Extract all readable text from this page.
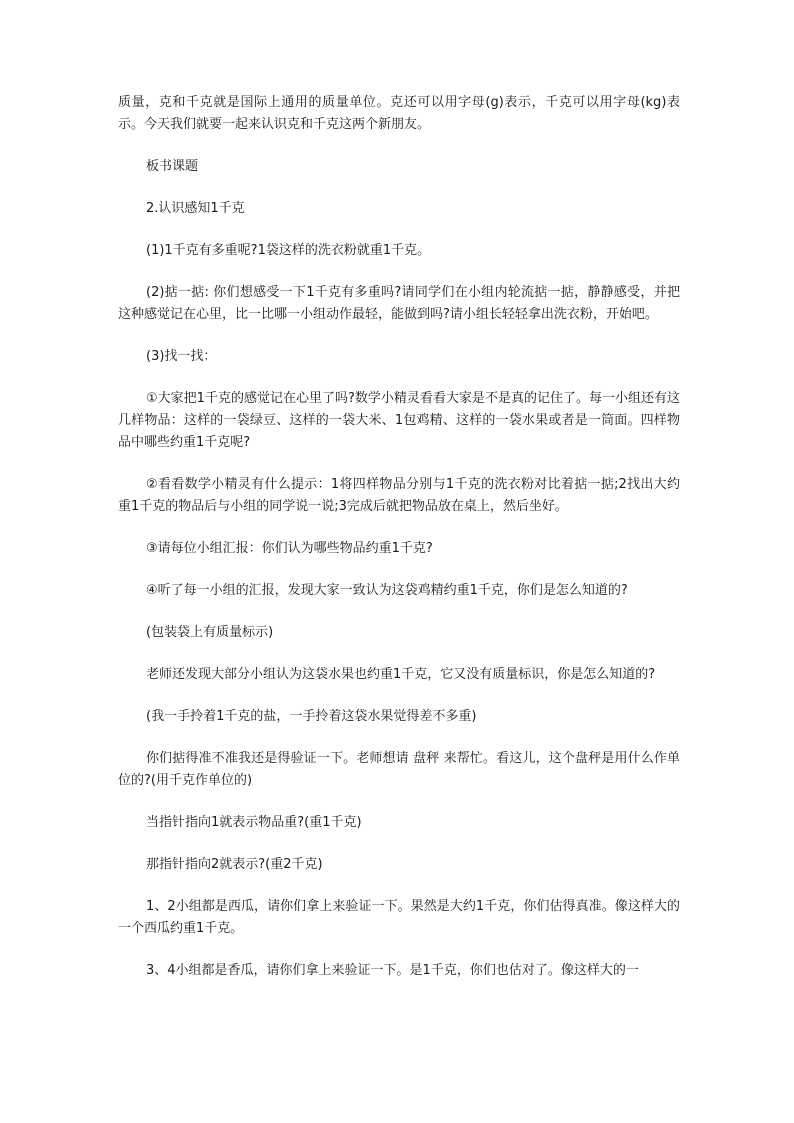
质量，克和千克就是国际上通用的质量单位。克还可以用字母(g)表示，千克可以用字母(kg)表示。今天我们就要一起来认识克和千克这两个新朋友。

板书课题

2.认识感知1千克

(1)1千克有多重呢?1袋这样的洗衣粉就重1千克。

(2)掂一掂: 你们想感受一下1千克有多重吗?请同学们在小组内轮流掂一掂，静静感受，并把这种感觉记在心里，比一比哪一小组动作最轻，能做到吗?请小组长轻轻拿出洗衣粉，开始吧。

(3)找一找：

①大家把1千克的感觉记在心里了吗?数学小精灵看看大家是不是真的记住了。每一小组还有这几样物品：这样的一袋绿豆、这样的一袋大米、1包鸡精、这样的一袋水果或者是一筒面。四样物品中哪些约重1千克呢?

②看看数学小精灵有什么提示：1将四样物品分别与1千克的洗衣粉对比着掂一掂;2找出大约重1千克的物品后与小组的同学说一说;3完成后就把物品放在桌上，然后坐好。

③请每位小组汇报：你们认为哪些物品约重1千克?

④听了每一小组的汇报，发现大家一致认为这袋鸡精约重1千克，你们是怎么知道的?

(包装袋上有质量标示)

老师还发现大部分小组认为这袋水果也约重1千克，它又没有质量标识，你是怎么知道的?

(我一手拎着1千克的盐，一手拎着这袋水果觉得差不多重)

你们掂得准不准我还是得验证一下。老师想请 盘秤 来帮忙。看这儿，这个盘秤是用什么作单位的?(用千克作单位的)

当指针指向1就表示物品重?(重1千克)

那指针指向2就表示?(重2千克)

1、2小组都是西瓜，请你们拿上来验证一下。果然是大约1千克，你们估得真准。像这样大的一个西瓜约重1千克。

3、4小组都是香瓜，请你们拿上来验证一下。是1千克，你们也估对了。像这样大的一
